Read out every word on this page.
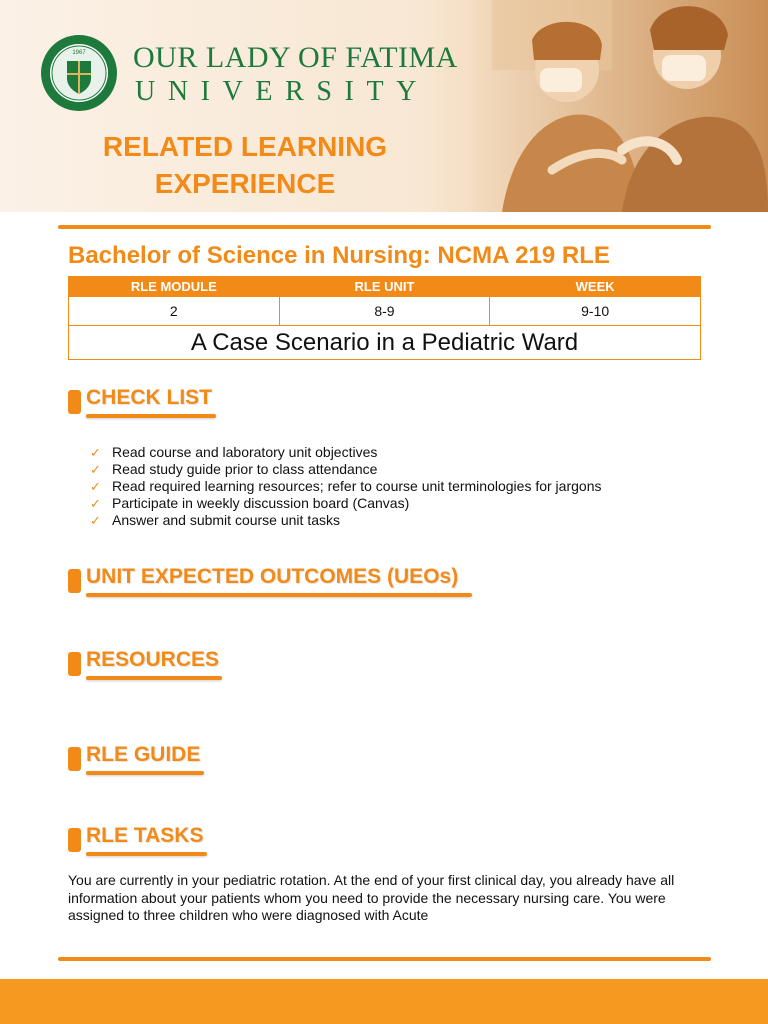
1967 OUR LADY OF FATIMA
UNIVERSITY
RELATED LEARNING
EXPERIENCE
Bachelor of Science in Nursing: NCMA 219 RLE
RLE MODULE	RLE UNIT	WEEK
2	8-9	9-10
A Case Scenario in a Pediatric Ward		
CHECK LIST
✓ Read course and laboratory unit objectives
✓ Read study guide prior to class attendance
✓ Read required learning resources; refer to course unit terminologies for jargons
✓ Participate in weekly discussion board (Canvas)
✓ Answer and submit course unit tasks
UNIT EXPECTED OUTCOMES (UEOs)
RESOURCES
RLE GUIDE
RLE TASKS

You are currently in your pediatric rotation. At the end of your first clinical day, you already have all information about your patients whom you need to provide the necessary nursing care. You were assigned to three children who were diagnosed with Acute
